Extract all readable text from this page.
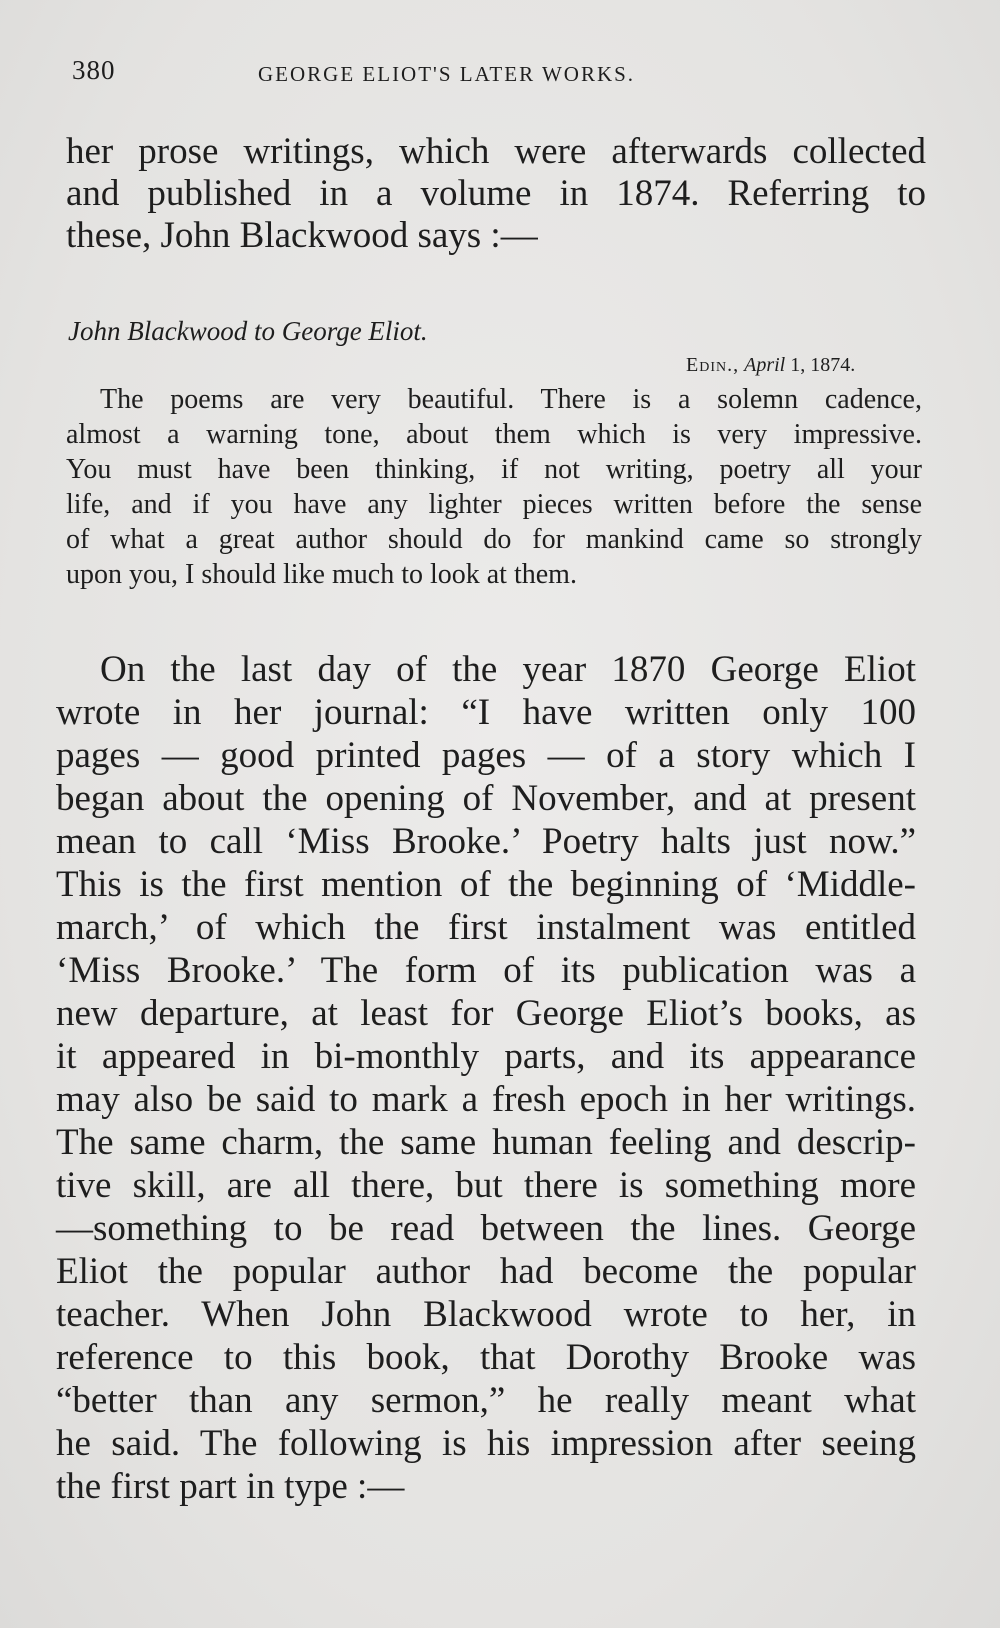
380	GEORGE ELIOT'S LATER WORKS.

her prose writings, which were afterwards collected

and published in a volume in 1874. Referring to

these, John Blackwood says :—

John Blackwood to George Eliot.
Edin., April 1, 1874.

The poems are very beautiful. There is a solemn cadence,

almost a warning tone, about them which is very impressive.

You must have been thinking, if not writing, poetry all your

life, and if you have any lighter pieces written before the sense

of what a great author should do for mankind came so strongly

upon you, I should like much to look at them.

On the last day of the year 1870 George Eliot

wrote in her journal: “I have written only 100

pages — good printed pages — of a story which I

began about the opening of November, and at present

mean to call ‘Miss Brooke.’ Poetry halts just now.”

This is the first mention of the beginning of ‘Middle-

march,’ of which the first instalment was entitled

‘Miss Brooke.’ The form of its publication was a

new departure, at least for George Eliot’s books, as

it appeared in bi-monthly parts, and its appearance

may also be said to mark a fresh epoch in her writings.

The same charm, the same human feeling and descrip-

tive skill, are all there, but there is something more

—something to be read between the lines. George

Eliot the popular author had become the popular

teacher. When John Blackwood wrote to her, in

reference to this book, that Dorothy Brooke was

“better than any sermon,” he really meant what

he said. The following is his impression after seeing

the first part in type :—
